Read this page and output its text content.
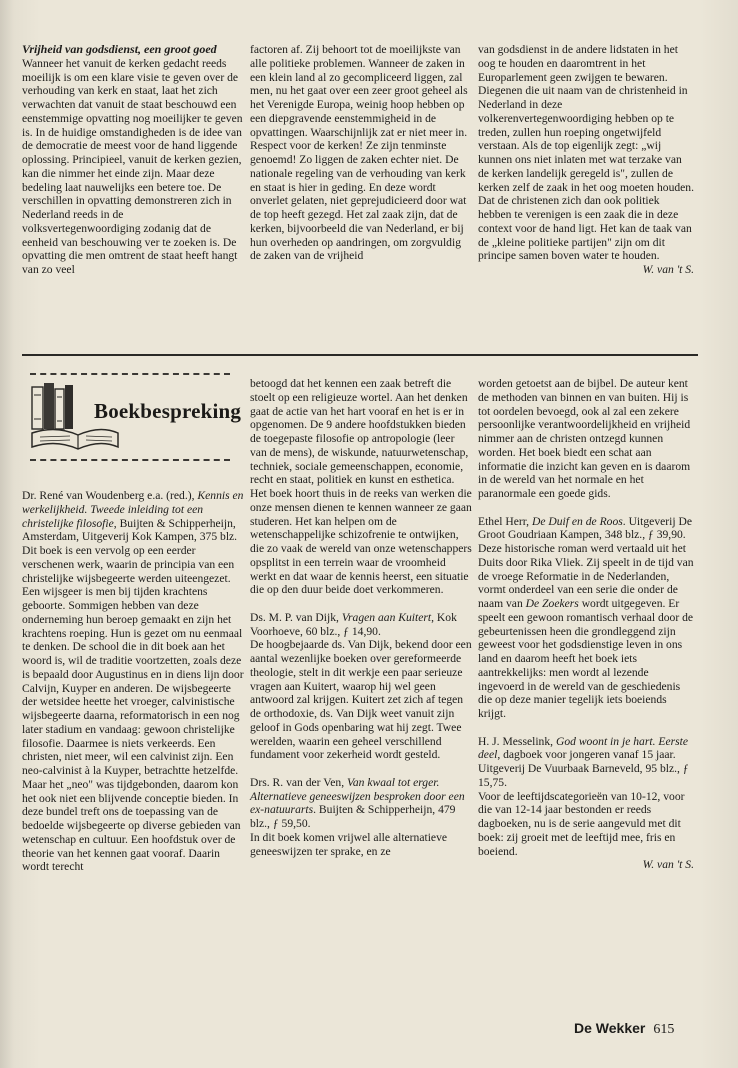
Vrijheid van godsdienst, een groot goed

Wanneer het vanuit de kerken gedacht reeds moeilijk is om een klare visie te geven over de verhouding van kerk en staat, laat het zich verwachten dat vanuit de staat beschouwd een eenstemmige opvatting nog moeilijker te geven is. In de huidige omstandigheden is de idee van de democratie de meest voor de hand liggende oplossing. Principieel, vanuit de kerken gezien, kan die nimmer het einde zijn. Maar deze bedeling laat nauwelijks een betere toe. De verschillen in opvatting demonstreren zich in Nederland reeds in de volksvertegenwoordiging zodanig dat de eenheid van beschouwing ver te zoeken is. De opvatting die men omtrent de staat heeft hangt van zo veel

factoren af. Zij behoort tot de moeilijkste van alle politieke problemen. Wanneer de zaken in een klein land al zo gecompliceerd liggen, zal men, nu het gaat over een zeer groot geheel als het Verenigde Europa, weinig hoop hebben op een diepgravende eenstemmigheid in de opvattingen. Waarschijnlijk zat er niet meer in. Respect voor de kerken! Ze zijn tenminste genoemd! Zo liggen de zaken echter niet. De nationale regeling van de verhouding van kerk en staat is hier in geding. En deze wordt onverlet gelaten, niet geprejudicieerd door wat de top heeft gezegd. Het zal zaak zijn, dat de kerken, bijvoorbeeld die van Nederland, er bij hun overheden op aandringen, om zorgvuldig de zaken van de vrijheid

van godsdienst in de andere lidstaten in het oog te houden en daaromtrent in het Europarlement geen zwijgen te bewaren. Diegenen die uit naam van de christenheid in Nederland in deze volkerenvertegenwoordiging hebben op te treden, zullen hun roeping ongetwijfeld verstaan. Als de top eigenlijk zegt: „wij kunnen ons niet inlaten met wat terzake van de kerken landelijk geregeld is", zullen de kerken zelf de zaak in het oog moeten houden. Dat de christenen zich dan ook politiek hebben te verenigen is een zaak die in deze context voor de hand ligt. Het kan de taak van de „kleine politieke partijen" zijn om dit principe samen boven water te houden.

W. van 't S.

Boekbespreking

Dr. René van Woudenberg e.a. (red.), Kennis en werkelijkheid. Tweede inleiding tot een christelijke filosofie, Buijten & Schipperheijn, Amsterdam, Uitgeverij Kok Kampen, 375 blz.

Dit boek is een vervolg op een eerder verschenen werk, waarin de principia van een christelijke wijsbegeerte werden uiteengezet. Een wijsgeer is men bij tijden krachtens geboorte. Sommigen hebben van deze onderneming hun beroep gemaakt en zijn het krachtens roeping. Hun is gezet om nu eenmaal te denken. De school die in dit boek aan het woord is, wil de traditie voortzetten, zoals deze is bepaald door Augustinus en in diens lijn door Calvijn, Kuyper en anderen. De wijsbegeerte der wetsidee heette het vroeger, calvinistische wijsbegeerte daarna, reformatorisch in een nog later stadium en vandaag: gewoon christelijke filosofie. Daarmee is niets verkeerds. Een christen, niet meer, wil een calvinist zijn. Een neo-calvinist à la Kuyper, betrachtte hetzelfde. Maar het „neo" was tijdgebonden, daarom kon het ook niet een blijvende conceptie bieden. In deze bundel treft ons de toepassing van de bedoelde wijsbegeerte op diverse gebieden van wetenschap en cultuur. Een hoofdstuk over de theorie van het kennen gaat vooraf. Daarin wordt terecht

betoogd dat het kennen een zaak betreft die stoelt op een religieuze wortel. Aan het denken gaat de actie van het hart vooraf en het is er in opgenomen. De 9 andere hoofdstukken bieden de toegepaste filosofie op antropologie (leer van de mens), de wiskunde, natuurwetenschap, techniek, sociale gemeenschappen, economie, recht en staat, politiek en kunst en esthetica. Het boek hoort thuis in de reeks van werken die onze mensen dienen te kennen wanneer ze gaan studeren. Het kan helpen om de wetenschappelijke schizofrenie te ontwijken, die zo vaak de wereld van onze wetenschappers opsplitst in een terrein waar de vroomheid werkt en dat waar de kennis heerst, een situatie die op den duur beide doet verkommeren.

Ds. M. P. van Dijk, Vragen aan Kuitert, Kok Voorhoeve, 60 blz., ƒ 14,90.

De hoogbejaarde ds. Van Dijk, bekend door een aantal wezenlijke boeken over gereformeerde theologie, stelt in dit werkje een paar serieuze vragen aan Kuitert, waarop hij wel geen antwoord zal krijgen. Kuitert zet zich af tegen de orthodoxie, ds. Van Dijk weet vanuit zijn geloof in Gods openbaring wat hij zegt. Twee werelden, waarin een geheel verschillend fundament voor zekerheid wordt gesteld.

Drs. R. van der Ven, Van kwaal tot erger. Alternatieve geneeswijzen besproken door een ex-natuurarts. Buijten & Schipperheijn, 479 blz., ƒ 59,50.

In dit boek komen vrijwel alle alternatieve geneeswijzen ter sprake, en ze

worden getoetst aan de bijbel. De auteur kent de methoden van binnen en van buiten. Hij is tot oordelen bevoegd, ook al zal een zekere persoonlijke verantwoordelijkheid en vrijheid nimmer aan de christen ontzegd kunnen worden. Het boek biedt een schat aan informatie die inzicht kan geven en is daarom in de wereld van het normale en het paranormale een goede gids.

Ethel Herr, De Duif en de Roos. Uitgeverij De Groot Goudriaan Kampen, 348 blz., ƒ 39,90.

Deze historische roman werd vertaald uit het Duits door Rika Vliek. Zij speelt in de tijd van de vroege Reformatie in de Nederlanden, vormt onderdeel van een serie die onder de naam van De Zoekers wordt uitgegeven. Er speelt een gewoon romantisch verhaal door de gebeurtenissen heen die grondleggend zijn geweest voor het godsdienstige leven in ons land en daarom heeft het boek iets aantrekkelijks: men wordt al lezende ingevoerd in de wereld van de geschiedenis die op deze manier tegelijk iets boeiends krijgt.

H. J. Messelink, God woont in je hart. Eerste deel, dagboek voor jongeren vanaf 15 jaar. Uitgeverij De Vuurbaak Barneveld, 95 blz., ƒ 15,75.

Voor de leeftijdscategorieën van 10-12, voor die van 12-14 jaar bestonden er reeds dagboeken, nu is de serie aangevuld met dit boek: zij groeit met de leeftijd mee, fris en boeiend.

W. van 't S.

De Wekker 615
